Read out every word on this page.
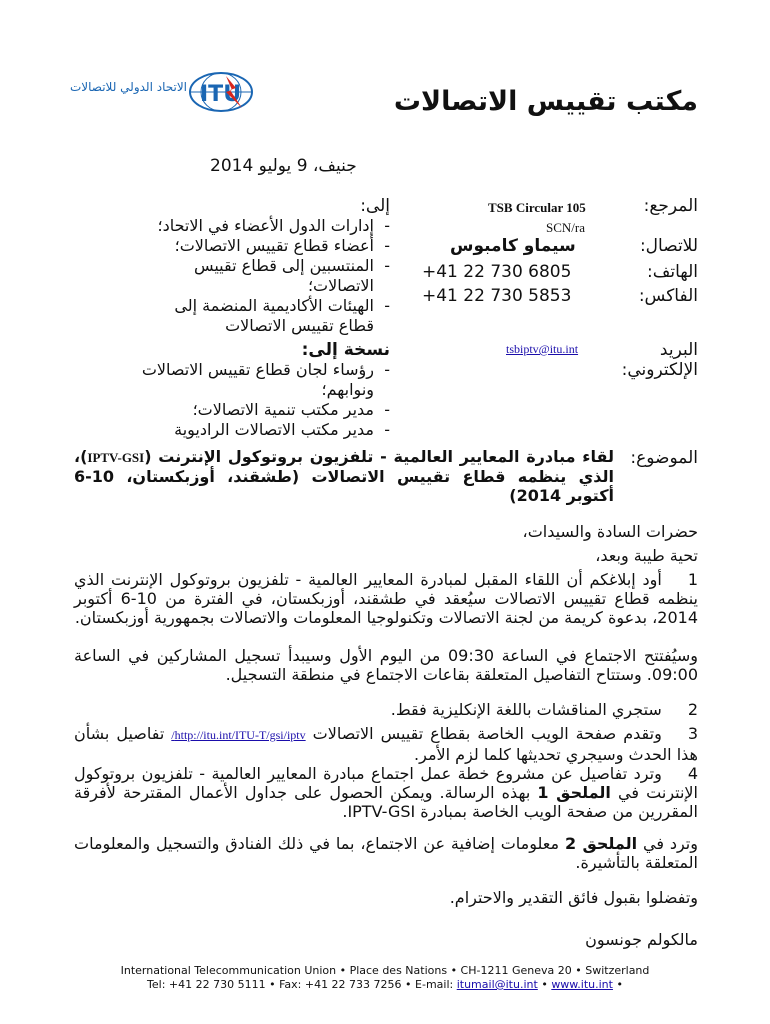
الاتحاد الدولي للاتصالات ITU	مكتب تقييس الاتصالات
جنيف، 9 يوليو 2014
المرجع:
للاتصال:
الهاتف:
الفاكس:
البريد الإلكتروني:
الموضوع:
TSB Circular 105
SCN/ra
سيماو كامبوس
+41 22 730 6805
+41 22 730 5853
tsbiptv@itu.int
إلى:
-
إدارات الدول الأعضاء في الاتحاد؛
-
أعضاء قطاع تقييس الاتصالات؛
-
المنتسبين إلى قطاع تقييس الاتصالات؛
-
الهيئات الأكاديمية المنضمة إلى قطاع تقييس الاتصالات
نسخة إلى:
-
رؤساء لجان قطاع تقييس الاتصالات ونوابهم؛
-
مدير مكتب تنمية الاتصالات؛
-
مدير مكتب الاتصالات الراديوية
لقاء مبادرة المعايير العالمية - تلفزيون بروتوكول الإنترنت (IPTV-GSI)، الذي ينظمه قطاع تقييس الاتصالات (طشقند، أوزبكستان، 10-6 أكتوبر 2014)
حضرات السادة والسيدات،
تحية طيبة وبعد،
1أود إبلاغكم أن اللقاء المقبل لمبادرة المعايير العالمية - تلفزيون بروتوكول الإنترنت الذي ينظمه قطاع تقييس الاتصالات سيُعقد في طشقند، أوزبكستان، في الفترة من 10-6 أكتوبر 2014، بدعوة كريمة من لجنة الاتصالات وتكنولوجيا المعلومات والاتصالات بجمهورية أوزبكستان.
وسيُفتتح الاجتماع في الساعة 09:30 من اليوم الأول وسيبدأ تسجيل المشاركين في الساعة 09:00. وستتاح التفاصيل المتعلقة بقاعات الاجتماع في منطقة التسجيل.
2ستجري المناقشات باللغة الإنكليزية فقط.
3وتقدم صفحة الويب الخاصة بقطاع تقييس الاتصالات http://itu.int/ITU-T/gsi/iptv/ تفاصيل بشأن هذا الحدث وسيجري تحديثها كلما لزم الأمر.
4وترد تفاصيل عن مشروع خطة عمل اجتماع مبادرة المعايير العالمية - تلفزيون بروتوكول الإنترنت في الملحق 1 بهذه الرسالة. ويمكن الحصول على جداول الأعمال المقترحة لأفرقة المقررين من صفحة الويب الخاصة بمبادرة IPTV-GSI.
وترد في الملحق 2 معلومات إضافية عن الاجتماع، بما في ذلك الفنادق والتسجيل والمعلومات المتعلقة بالتأشيرة.
وتفضلوا بقبول فائق التقدير والاحترام.
مالكولم جونسون
International Telecommunication Union • Place des Nations • CH-1211 Geneva 20 • Switzerland
Tel: +41 22 730 5111 • Fax: +41 22 733 7256 • E-mail: itumail@itu.int • www.itu.int •
